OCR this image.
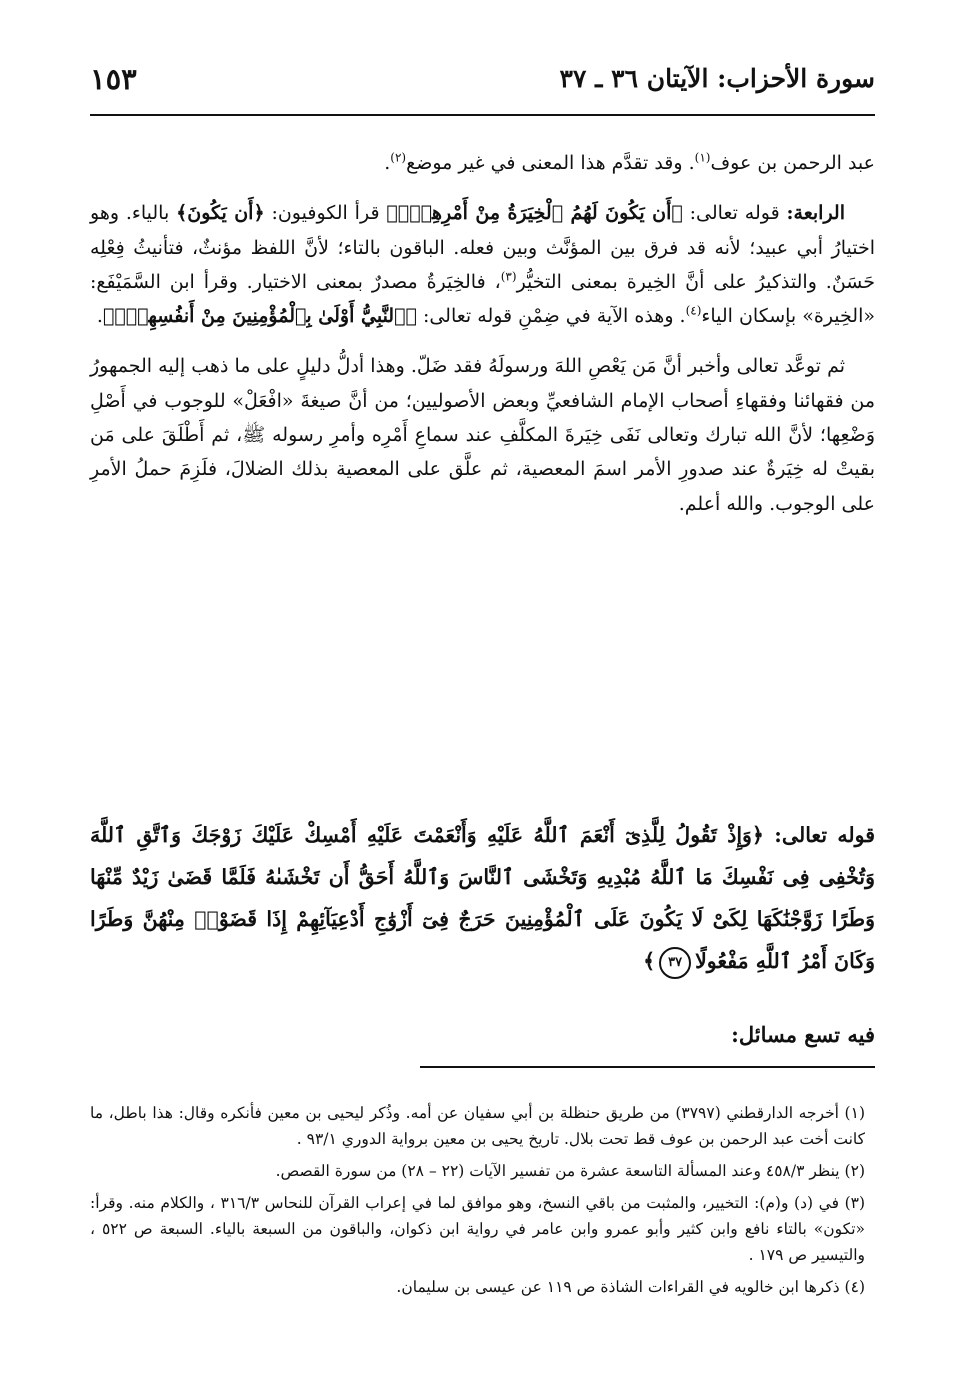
سورة الأحزاب: الآيتان ٣٦ ـ ٣٧
١٥٣

عبد الرحمن بن عوف$^{(١)}$. وقد تقدَّم هذا المعنى في غير موضع$^{(٢)}$.

الرابعة: قوله تعالى: ﴿أَن يَكُونَ لَهُمُ ٱلْخِيَرَةُ مِنْ أَمْرِهِمْۗ﴾ قرأ الكوفيون: ﴿أَن يَكُونَ﴾ بالياء. وهو اختيارُ أبي عبيد؛ لأنه قد فرق بين المؤنَّث وبين فعله. الباقون بالتاء؛ لأنَّ اللفظ مؤنثٌ، فتأنيثُ فِعْلِه حَسَنٌ. والتذكيرُ على أنَّ الخِيرة بمعنى التخيُّر$^{(٣)}$، فالخِيَرةُ مصدرٌ بمعنى الاختيار. وقرأ ابن السَّمَيْفَع: «الخِيرة» بإسكان الياء$^{(٤)}$. وهذه الآية في ضِمْنِ قوله تعالى: ﴿ٱلنَّبِيُّ أَوْلَىٰ بِٱلْمُؤْمِنِينَ مِنْ أَنفُسِهِمْۖ﴾.

ثم توعَّد تعالى وأخبر أنَّ مَن يَعْصِ اللهَ ورسولَهُ فقد ضَلّ. وهذا أدلُّ دليلٍ على ما ذهب إليه الجمهورُ من فقهائنا وفقهاءِ أصحاب الإمام الشافعيِّ وبعض الأصوليين؛ من أنَّ صيغةَ «افْعَلْ» للوجوب في أَصْلِ وَضْعِها؛ لأنَّ الله تبارك وتعالى نَفَى خِيَرةَ المكلَّفِ عند سماعِ أَمْرِه وأمرِ رسوله ﷺ، ثم أَطْلَقَ على مَن بقيتْ له خِيَرةٌ عند صدورِ الأمر اسمَ المعصية، ثم علَّق على المعصية بذلك الضلالَ، فلَزِمَ حملُ الأمرِ على الوجوب. والله أعلم.

قوله تعالى: ﴿وَإِذْ تَقُولُ لِلَّذِىٓ أَنْعَمَ ٱللَّهُ عَلَيْهِ وَأَنْعَمْتَ عَلَيْهِ أَمْسِكْ عَلَيْكَ زَوْجَكَ وَٱتَّقِ ٱللَّهَ وَتُخْفِى فِى نَفْسِكَ مَا ٱللَّهُ مُبْدِيهِ وَتَخْشَى ٱلنَّاسَ وَٱللَّهُ أَحَقُّ أَن تَخْشَىٰهُ فَلَمَّا قَضَىٰ زَيْدٌ مِّنْهَا وَطَرًا زَوَّجْنَٰكَهَا لِكَىْ لَا يَكُونَ عَلَى ٱلْمُؤْمِنِينَ حَرَجٌ فِىٓ أَزْوَٰجِ أَدْعِيَآئِهِمْ إِذَا قَضَوْا۟ مِنْهُنَّ وَطَرًا وَكَانَ أَمْرُ ٱللَّهِ مَفْعُولًا٣٧﴾

فيه تسع مسائل:

(١) أخرجه الدارقطني (٣٧٩٧) من طريق حنظلة بن أبي سفيان عن أمه. وذُكر ليحيى بن معين فأنكره وقال: هذا باطل، ما كانت أخت عبد الرحمن بن عوف قط تحت بلال. تاريخ يحيى بن معين برواية الدوري ٩٣/١ .

(٢) ينظر ٤٥٨/٣ وعند المسألة التاسعة عشرة من تفسير الآيات (٢٢ – ٢٨) من سورة القصص.

(٣) في (د) و(م): التخيير، والمثبت من باقي النسخ، وهو موافق لما في إعراب القرآن للنحاس ٣١٦/٣ ، والكلام منه. وقرأ: «تكون» بالتاء نافع وابن كثير وأبو عمرو وابن عامر في رواية ابن ذكوان، والباقون من السبعة بالياء. السبعة ص ٥٢٢ ، والتيسير ص ١٧٩ .

(٤) ذكرها ابن خالويه في القراءات الشاذة ص ١١٩ عن عيسى بن سليمان.
